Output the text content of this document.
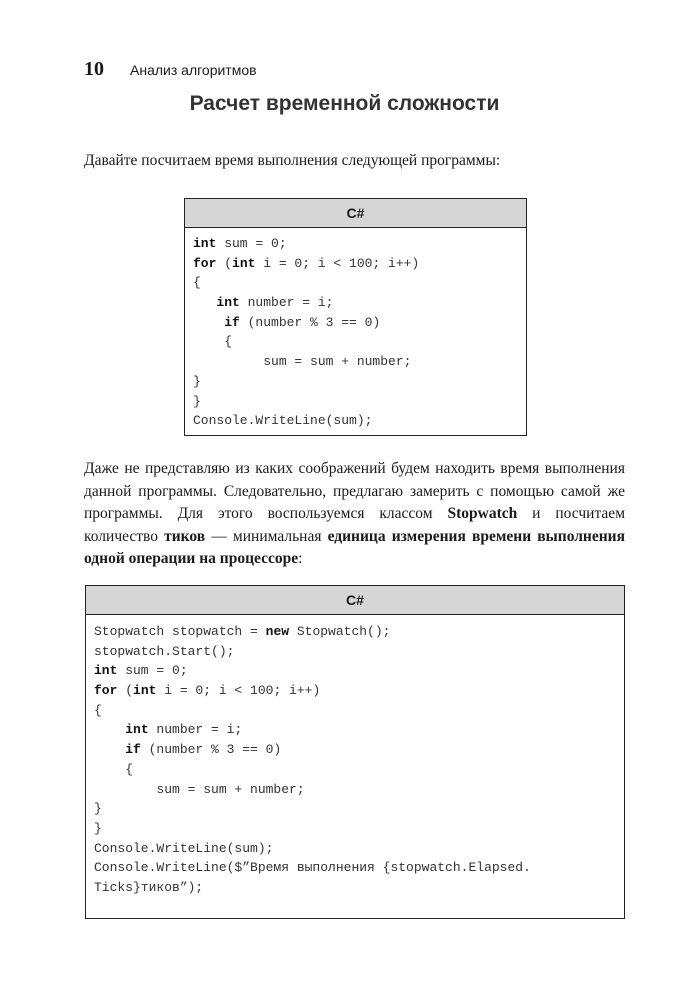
10 Анализ алгоритмов
Расчет временной сложности
Давайте посчитаем время выполнения следующей программы:
C#
int sum = 0;
for (int i = 0; i < 100; i++)
{
int number = i;
if (number % 3 == 0)
{
sum = sum + number;
}
}
Console.WriteLine(sum);
Даже не представляю из каких соображений будем находить время выполнения данной программы. Следовательно, предлагаю замерить с помощью самой же программы. Для этого воспользуемся классом Stopwatch и посчитаем количество тиков — минимальная единица измерения времени выполнения одной операции на процессоре:
C#
Stopwatch stopwatch = new Stopwatch();
stopwatch.Start();
int sum = 0;
for (int i = 0; i < 100; i++)
{
int number = i;
if (number % 3 == 0)
{
sum = sum + number;
}
}
Console.WriteLine(sum);
Console.WriteLine($”Время выполнения {stopwatch.Elapsed.
Ticks}тиков”);
